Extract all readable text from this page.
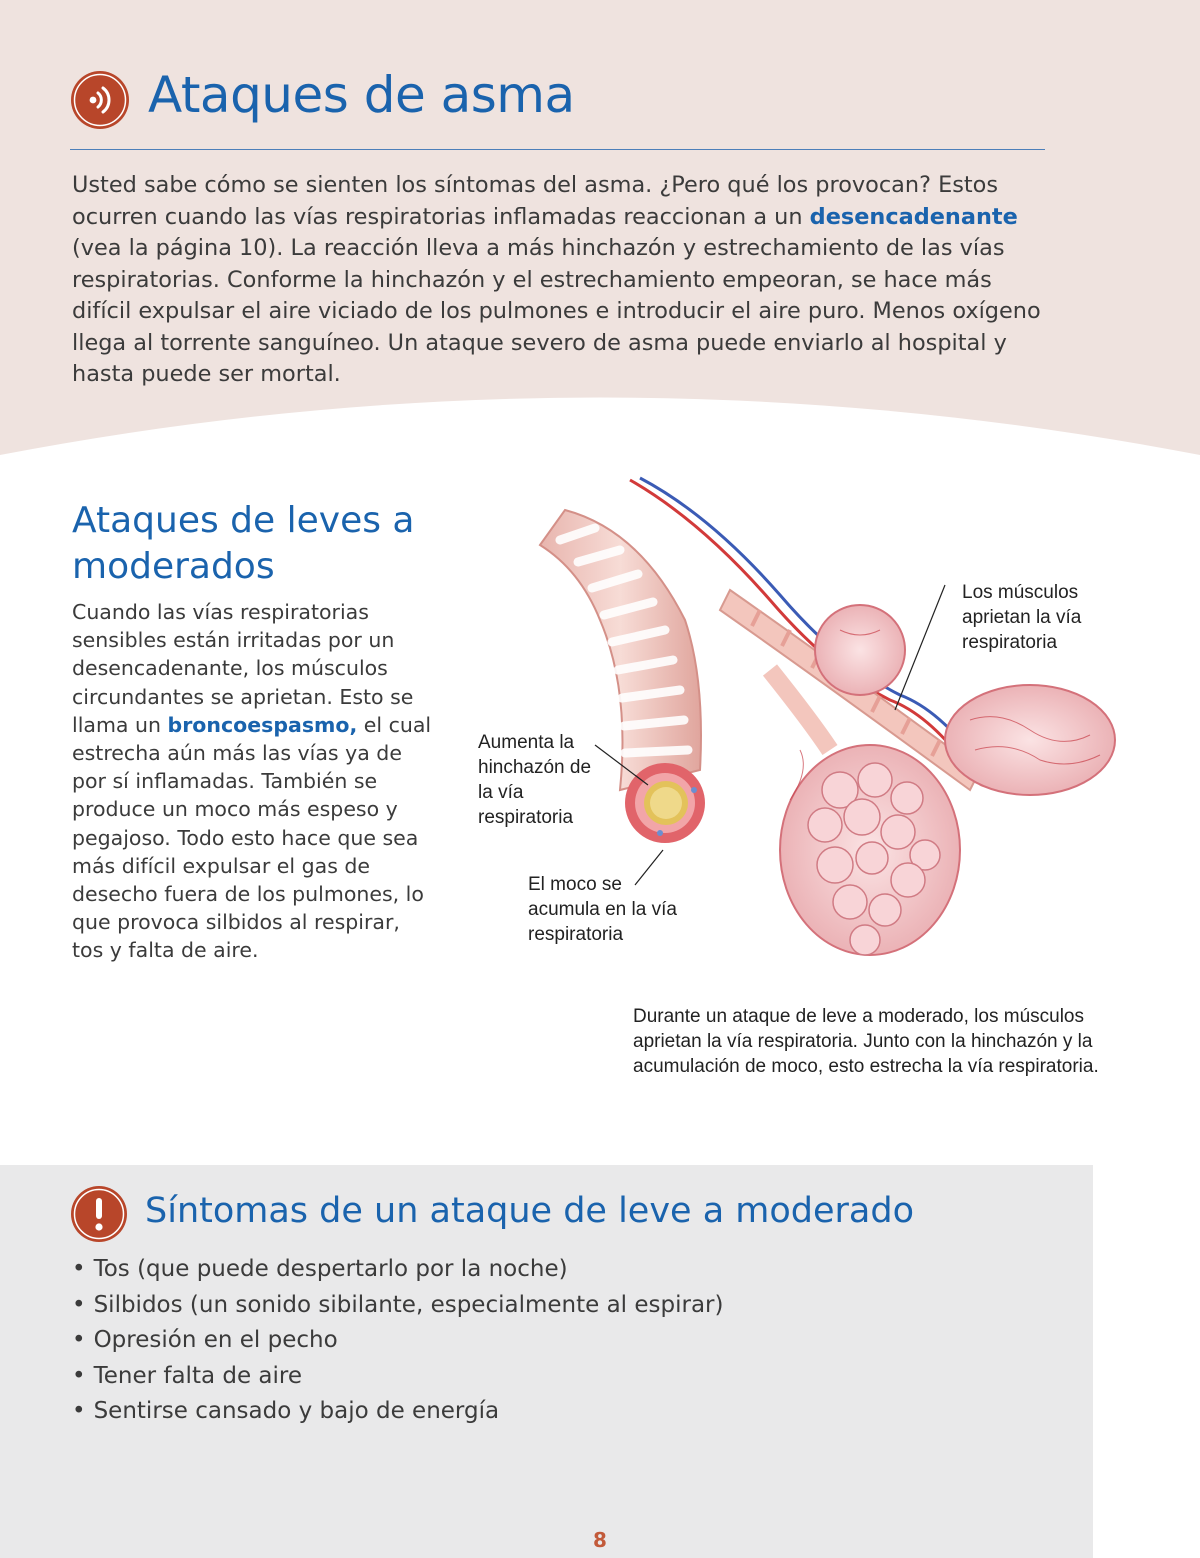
Ataques de asma

Usted sabe cómo se sienten los síntomas del asma. ¿Pero qué los provocan? Estos ocurren cuando las vías respiratorias inflamadas reaccionan a un desencadenante (vea la página 10). La reacción lleva a más hinchazón y estrechamiento de las vías respiratorias. Conforme la hinchazón y el estrechamiento empeoran, se hace más difícil expulsar el aire viciado de los pulmones e introducir el aire puro. Menos oxígeno llega al torrente sanguíneo. Un ataque severo de asma puede enviarlo al hospital y hasta puede ser mortal.

Ataques de leves a moderados

Cuando las vías respiratorias sensibles están irritadas por un desencadenante, los músculos circundantes se aprietan. Esto se llama un broncoespasmo, el cual estrecha aún más las vías ya de por sí inflamadas. También se produce un moco más espeso y pegajoso. Todo esto hace que sea más difícil expulsar el gas de desecho fuera de los pulmones, lo que provoca silbidos al respirar, tos y falta de aire.

Los músculos aprietan la vía respiratoria
Aumenta la hinchazón de la vía respiratoria
El moco se acumula en la vía respiratoria

Durante un ataque de leve a moderado, los músculos aprietan la vía respiratoria. Junto con la hinchazón y la acumulación de moco, esto estrecha la vía respiratoria.

Síntomas de un ataque de leve a moderado
• Tos (que puede despertarlo por la noche)
• Silbidos (un sonido sibilante, especialmente al espirar)
• Opresión en el pecho
• Tener falta de aire
• Sentirse cansado y bajo de energía
8
